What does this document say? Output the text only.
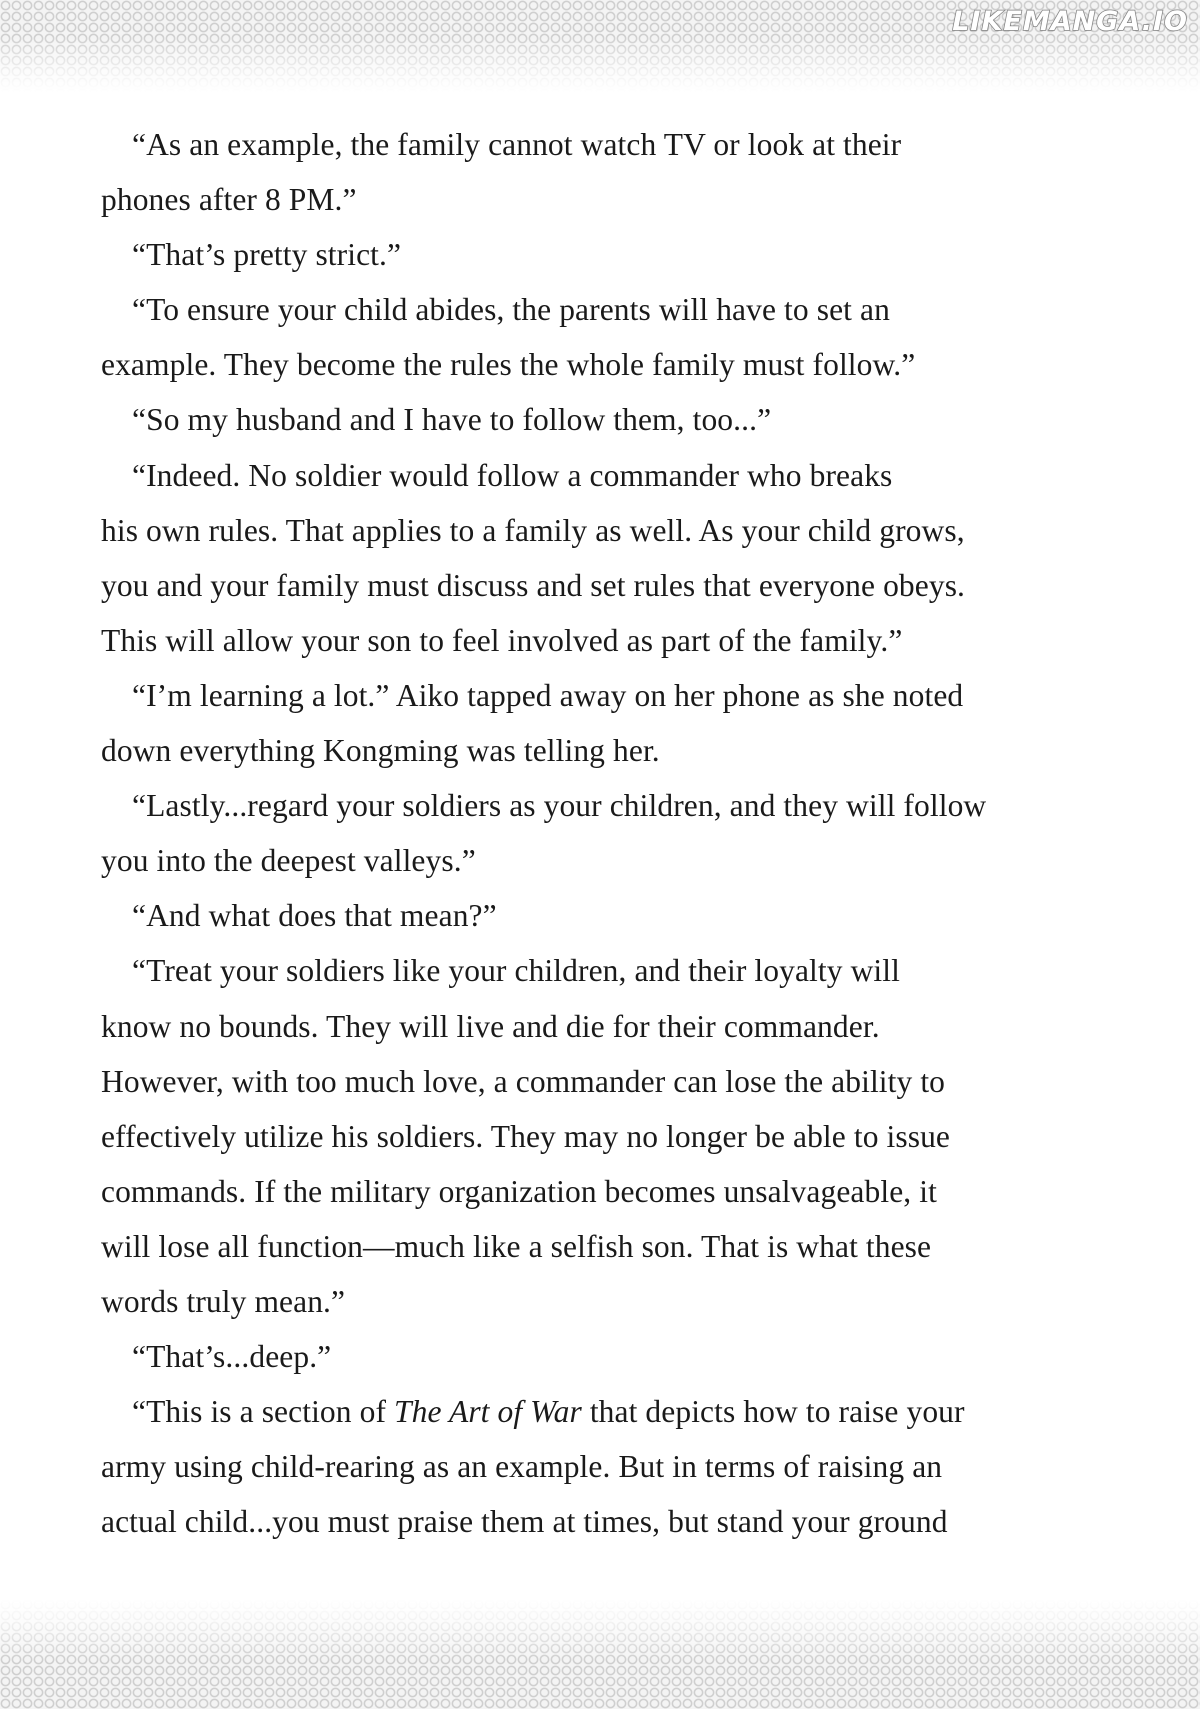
LIKEMANGA.IO
“As an example, the family cannot watch TV or look at their
phones after 8 PM.”
“That’s pretty strict.”
“To ensure your child abides, the parents will have to set an
example. They become the rules the whole family must follow.”
“So my husband and I have to follow them, too...”
“Indeed. No soldier would follow a commander who breaks
his own rules. That applies to a family as well. As your child grows,
you and your family must discuss and set rules that everyone obeys.
This will allow your son to feel involved as part of the family.”
“I’m learning a lot.” Aiko tapped away on her phone as she noted
down everything Kongming was telling her.
“Lastly...regard your soldiers as your children, and they will follow
you into the deepest valleys.”
“And what does that mean?”
“Treat your soldiers like your children, and their loyalty will
know no bounds. They will live and die for their commander.
However, with too much love, a commander can lose the ability to
effectively utilize his soldiers. They may no longer be able to issue
commands. If the military organization becomes unsalvageable, it
will lose all function—much like a selfish son. That is what these
words truly mean.”
“That’s...deep.”
“This is a section of The Art of War that depicts how to raise your
army using child-rearing as an example. But in terms of raising an
actual child...you must praise them at times, but stand your ground
